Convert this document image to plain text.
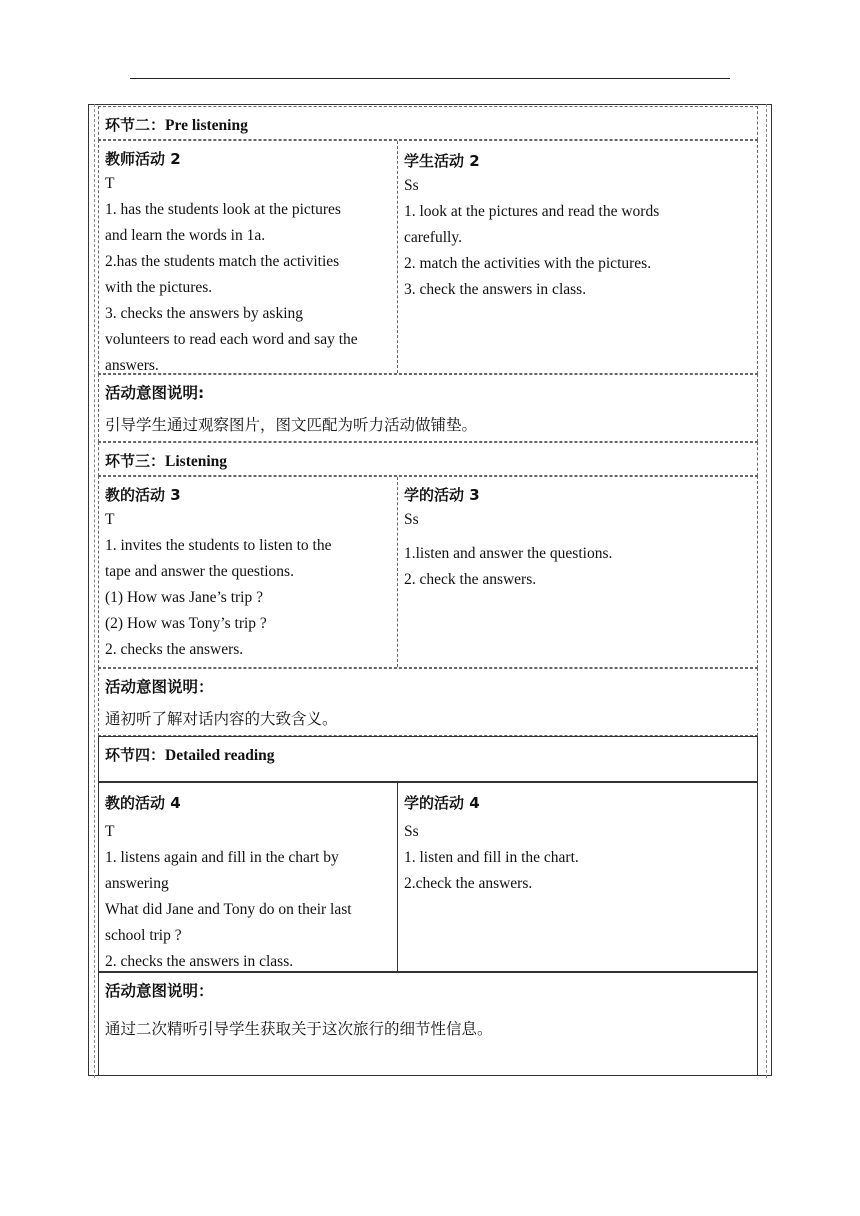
环节二：Pre listening
教师活动 2
T
1. has the students look at the pictures
and learn the words in 1a.
2.has the students match the activities
with the pictures.
3. checks the answers by asking
volunteers to read each word and say the
answers.
学生活动 2
Ss
1. look at the pictures and read the words
carefully.
2. match the activities with the pictures.
3. check the answers in class.
活动意图说明:
引导学生通过观察图片，图文匹配为听力活动做铺垫。
环节三：Listening
教的活动 3
T
1. invites the students to listen to the
tape and answer the questions.
(1) How was Jane’s trip ?
(2) How was Tony’s trip ?
2. checks the answers.
学的活动 3
Ss
1.listen and answer the questions.
2. check the answers.
活动意图说明：
通初听了解对话内容的大致含义。
环节四：Detailed reading
教的活动 4
T
1. listens again and fill in the chart by
answering
What did Jane and Tony do on their last
school trip ?
2. checks the answers in class.
学的活动 4
Ss
1. listen and fill in the chart.
2.check the answers.
活动意图说明：
通过二次精听引导学生获取关于这次旅行的细节性信息。
